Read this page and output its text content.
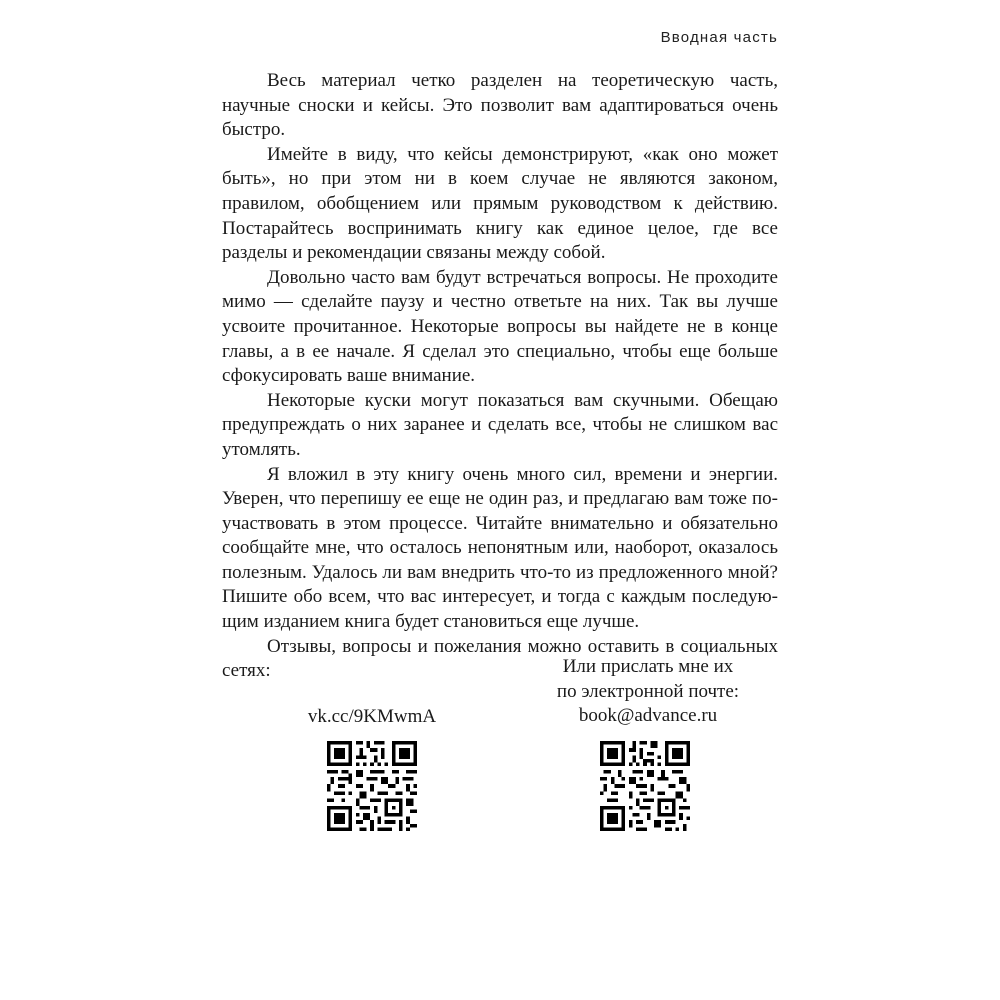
Вводная часть

Весь материал четко разделен на теоретическую часть, научные сноски и кейсы. Это позволит вам адаптироваться очень быстро.

Имейте в виду, что кейсы демонстрируют, «как оно может быть», но при этом ни в коем случае не являются законом, правилом, обобщением или прямым руководством к действию. Постарайтесь воспринимать книгу как единое целое, где все разделы и рекомендации связаны между собой.

Довольно часто вам будут встречаться вопросы. Не проходите мимо — сделайте паузу и честно ответьте на них. Так вы лучше усвоите прочитанное. Некоторые вопросы вы найдете не в конце главы, а в ее начале. Я сделал это специально, чтобы еще больше сфокусировать ваше внимание.

Некоторые куски могут показаться вам скучными. Обещаю предупреждать о них заранее и сделать все, чтобы не слишком вас утомлять.

Я вложил в эту книгу очень много сил, времени и энергии. Уверен, что перепишу ее еще не один раз, и предлагаю вам тоже поучаствовать в этом процессе. Читайте внимательно и обязательно сообщайте мне, что осталось непонятным или, наоборот, оказалось полезным. Удалось ли вам внедрить что-то из предложенного мной? Пишите обо всем, что вас интересует, и тогда с каждым последующим изданием книга будет становиться еще лучше.

Отзывы, вопросы и пожелания можно оставить в социальных сетях:	Или прислать мне их
по электронной почте:
book@advance.ru
vk.cc/9KMwmA
